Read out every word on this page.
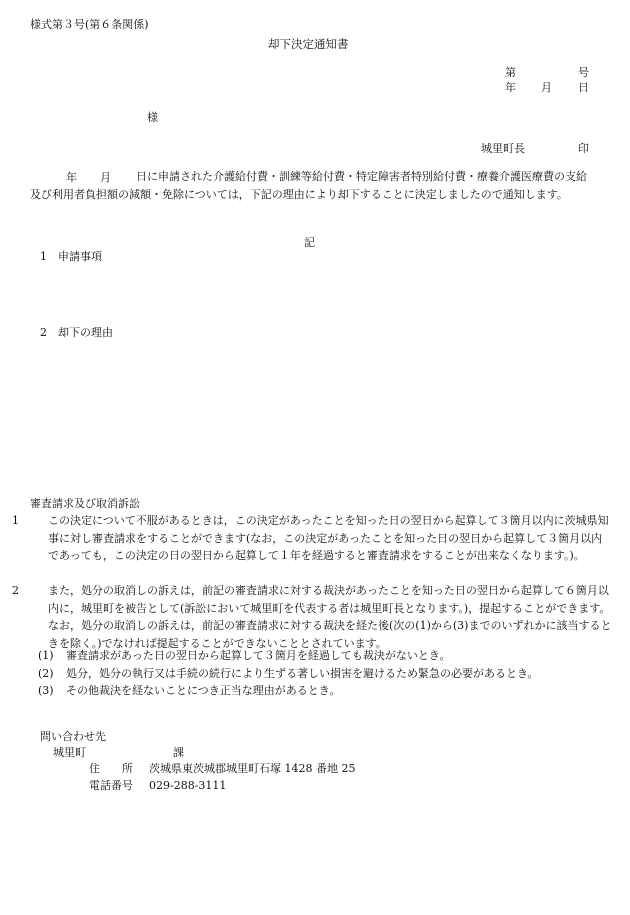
様式第３号(第６条関係)
却下決定通知書
第	号
年 月 日
様
城里町長	印
年 月	日に申請された介護給付費・訓練等給付費・特定障害者特別給付費・療養介護医療費の支給及び利用者負担額の減額・免除については，下記の理由により却下することに決定しましたので通知します。
記
1　申請事項
2　却下の理由
審査請求及び取消訴訟
1	この決定について不服があるときは，この決定があったことを知った日の翌日から起算して３箇月以内に茨城県知事に対し審査請求をすることができます(なお，この決定があったことを知った日の翌日から起算して３箇月以内であっても，この決定の日の翌日から起算して１年を経過すると審査請求をすることが出来なくなります。)。
2	また，処分の取消しの訴えは，前記の審査請求に対する裁決があったことを知った日の翌日から起算して６箇月以内に，城里町を被告として(訴訟において城里町を代表する者は城里町長となります。)，提起することができます。なお，処分の取消しの訴えは，前記の審査請求に対する裁決を経た後(次の(1)から(3)までのいずれかに該当するときを除く。)でなければ提起することができないこととされています。
(1) 審査請求があった日の翌日から起算して３箇月を経過しても裁決がないとき。
(2) 処分，処分の執行又は手続の続行により生ずる著しい損害を避けるため緊急の必要があるとき。
(3) その他裁決を経ないことにつき正当な理由があるとき。
問い合わせ先
城里町	課
住　　所 茨城県東茨城郡城里町石塚 1428 番地 25
電話番号 029-288-3111
